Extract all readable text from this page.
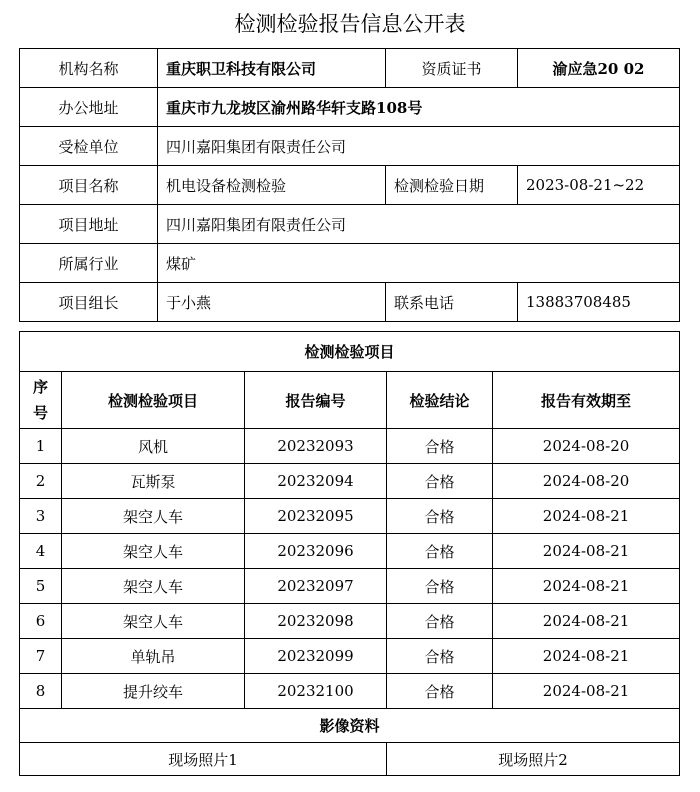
检测检验报告信息公开表
机构名称	重庆职卫科技有限公司	资质证书	渝应急20 02
办公地址	重庆市九龙坡区渝州路华轩支路108号		
受检单位	四川嘉阳集团有限责任公司		
项目名称	机电设备检测检验	检测检验日期	2023-08-21~22
项目地址	四川嘉阳集团有限责任公司		
所属行业	煤矿		
项目组长	于小燕	联系电话	13883708485
检测检验项目				

序
号	检测检验项目	报告编号	检验结论	报告有效期至
1	风机	20232093	合格	2024-08-20
2	瓦斯泵	20232094	合格	2024-08-20
3	架空人车	20232095	合格	2024-08-21
4	架空人车	20232096	合格	2024-08-21
5	架空人车	20232097	合格	2024-08-21
6	架空人车	20232098	合格	2024-08-21
7	单轨吊	20232099	合格	2024-08-21
8	提升绞车	20232100	合格	2024-08-21
影像资料				
现场照片1			现场照片2	
